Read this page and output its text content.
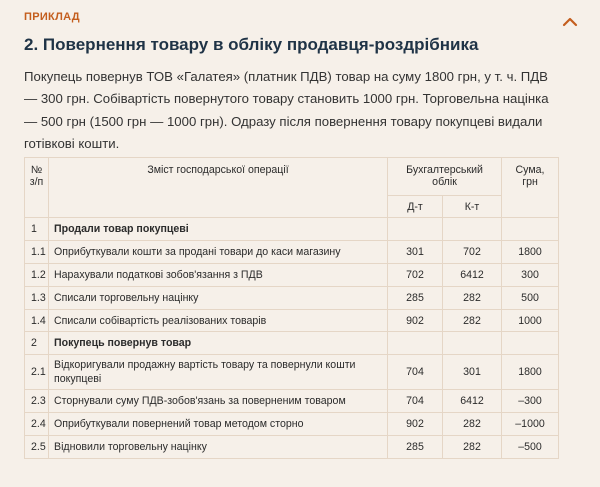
ПРИКЛАД
2. Повернення товару в обліку продавця-роздрібника
Покупець повернув ТОВ «Галатея» (платник ПДВ) товар на суму 1800 грн, у т. ч. ПДВ — 300 грн. Собівартість повернутого товару становить 1000 грн. Торговельна націнка — 500 грн (1500 грн — 1000 грн). Одразу після повернення товару покупцеві видали готівкові кошти.
№ з/п	Зміст господарської операції	Бухгалтерський облік		Сума, грн
		Д-т	К-т	
1	Продали товар покупцеві			
1.1	Оприбуткували кошти за продані товари до каси магазину	301	702	1800
1.2	Нарахували податкові зобов'язання з ПДВ	702	6412	300
1.3	Списали торговельну націнку	285	282	500
1.4	Списали собівартість реалізованих товарів	902	282	1000
2	Покупець повернув товар			
2.1	Відкоригували продажну вартість товару та повернули кошти покупцеві	704	301	1800
2.3	Сторнували суму ПДВ-зобов'язань за поверненим товаром	704	6412	–300
2.4	Оприбуткували повернений товар методом сторно	902	282	–1000
2.5	Відновили торговельну націнку	285	282	–500
